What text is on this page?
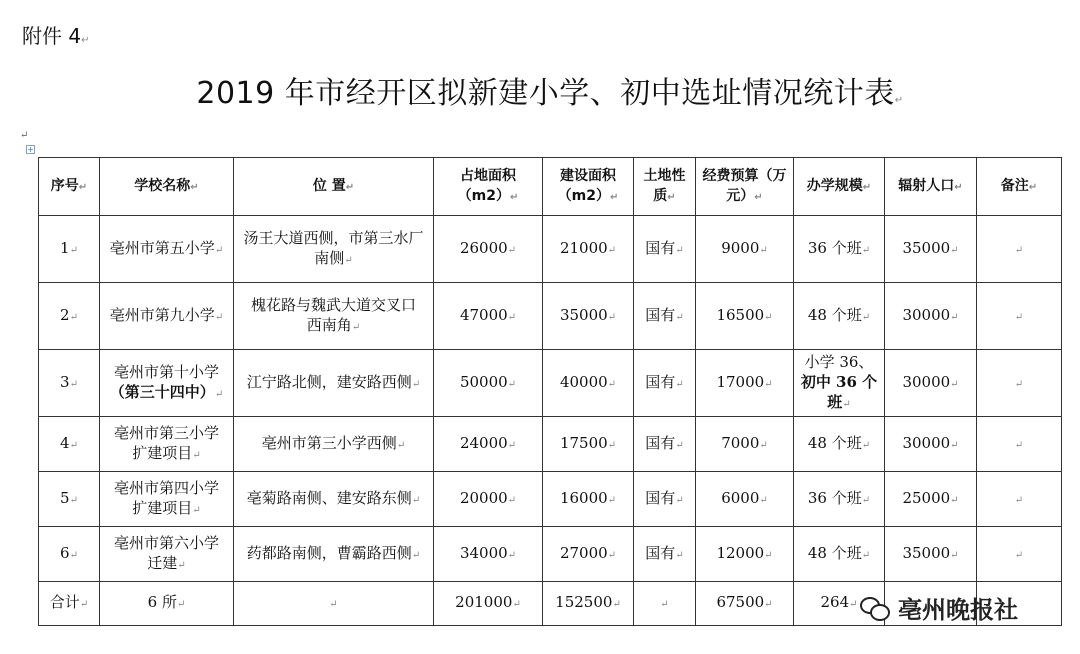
附件 4↵
2019 年市经开区拟新建小学、初中选址情况统计表↵
↵
+
序号↵	学校名称↵	位 置↵	占地面积（m2）↵	建设面积（m2）↵	土地性质↵	经费预算（万元）↵	办学规模↵	辐射人口↵	备注↵
1↵	亳州市第五小学↵	汤王大道西侧，市第三水厂
南侧↵	26000↵	21000↵	国有↵	9000↵	36 个班↵	35000↵	↵
2↵	亳州市第九小学↵	槐花路与魏武大道交叉口
西南角↵	47000↵	35000↵	国有↵	16500↵	48 个班↵	30000↵	↵
3↵	亳州市第十小学
（第三十四中）↵	江宁路北侧，建安路西侧↵	50000↵	40000↵	国有↵	17000↵	小学 36、
初中 36 个班↵	30000↵	↵
4↵	亳州市第三小学
扩建项目↵	亳州市第三小学西侧↵	24000↵	17500↵	国有↵	7000↵	48 个班↵	30000↵	↵
5↵	亳州市第四小学
扩建项目↵	亳菊路南侧、建安路东侧↵	20000↵	16000↵	国有↵	6000↵	36 个班↵	25000↵	↵
6↵	亳州市第六小学
迁建↵	药都路南侧，曹霸路西侧↵	34000↵	27000↵	国有↵	12000↵	48 个班↵	35000↵	↵
合计↵	6 所↵	↵	201000↵	152500↵	↵	67500↵	264↵		亳州晚报社
